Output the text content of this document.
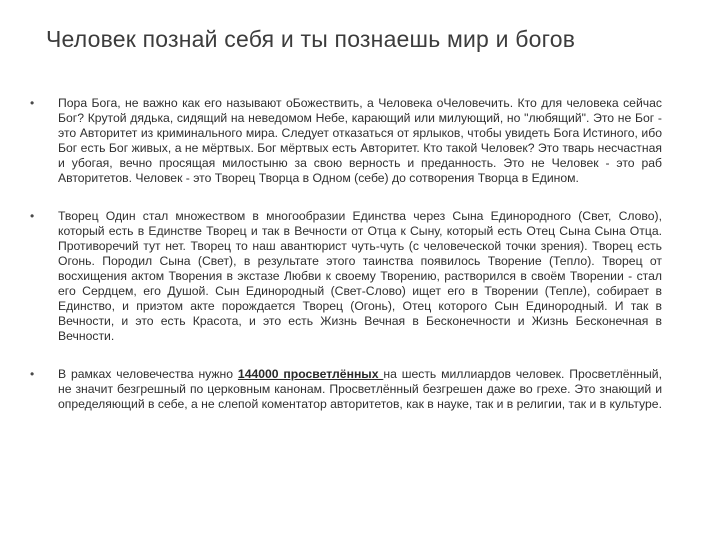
Человек познай себя и ты познаешь мир и богов
• Пора Бога, не важно как его называют оБожествить, а Человека оЧеловечить. Кто для человека сейчас Бог? Крутой дядька, сидящий на неведомом Небе, карающий или милующий, но "любящий". Это не Бог - это Авторитет из криминального мира. Следует отказаться от ярлыков, чтобы увидеть Бога Истиного, ибо Бог есть Бог живых, а не мёртвых. Бог мёртвых есть Авторитет. Кто такой Человек? Это тварь несчастная и убогая, вечно просящая милостыню за свою верность и преданность. Это не Человек - это раб Авторитетов. Человек - это Творец Творца в Одном (себе) до сотворения Творца в Едином.
• Творец Один стал множеством в многообразии Единства через Сына Единородного (Свет, Слово), который есть в Единстве Творец и так в Вечности от Отца к Сыну, который есть Отец Сына Сына Отца. Противоречий тут нет. Творец то наш авантюрист чуть-чуть (с человеческой точки зрения). Творец есть Огонь. Породил Сына (Свет), в результате этого таинства появилось Творение (Тепло). Творец от восхищения актом Творения в экстазе Любви к своему Творению, растворился в своём Творении - стал его Сердцем, его Душой. Сын Единородный (Свет-Слово) ищет его в Творении (Тепле), собирает в Единство, и приэтом акте порождается Творец (Огонь), Отец которого Сын Единородный. И так в Вечности, и это есть Красота, и это есть Жизнь Вечная в Бесконечности и Жизнь Бесконечная в Вечности.
• В рамках человечества нужно 144000 просветлённых на шесть миллиардов человек. Просветлённый, не значит безгрешный по церковным канонам. Просветлённый безгрешен даже во грехе. Это знающий и определяющий в себе, а не слепой коментатор авторитетов, как в науке, так и в религии, так и в культуре.
